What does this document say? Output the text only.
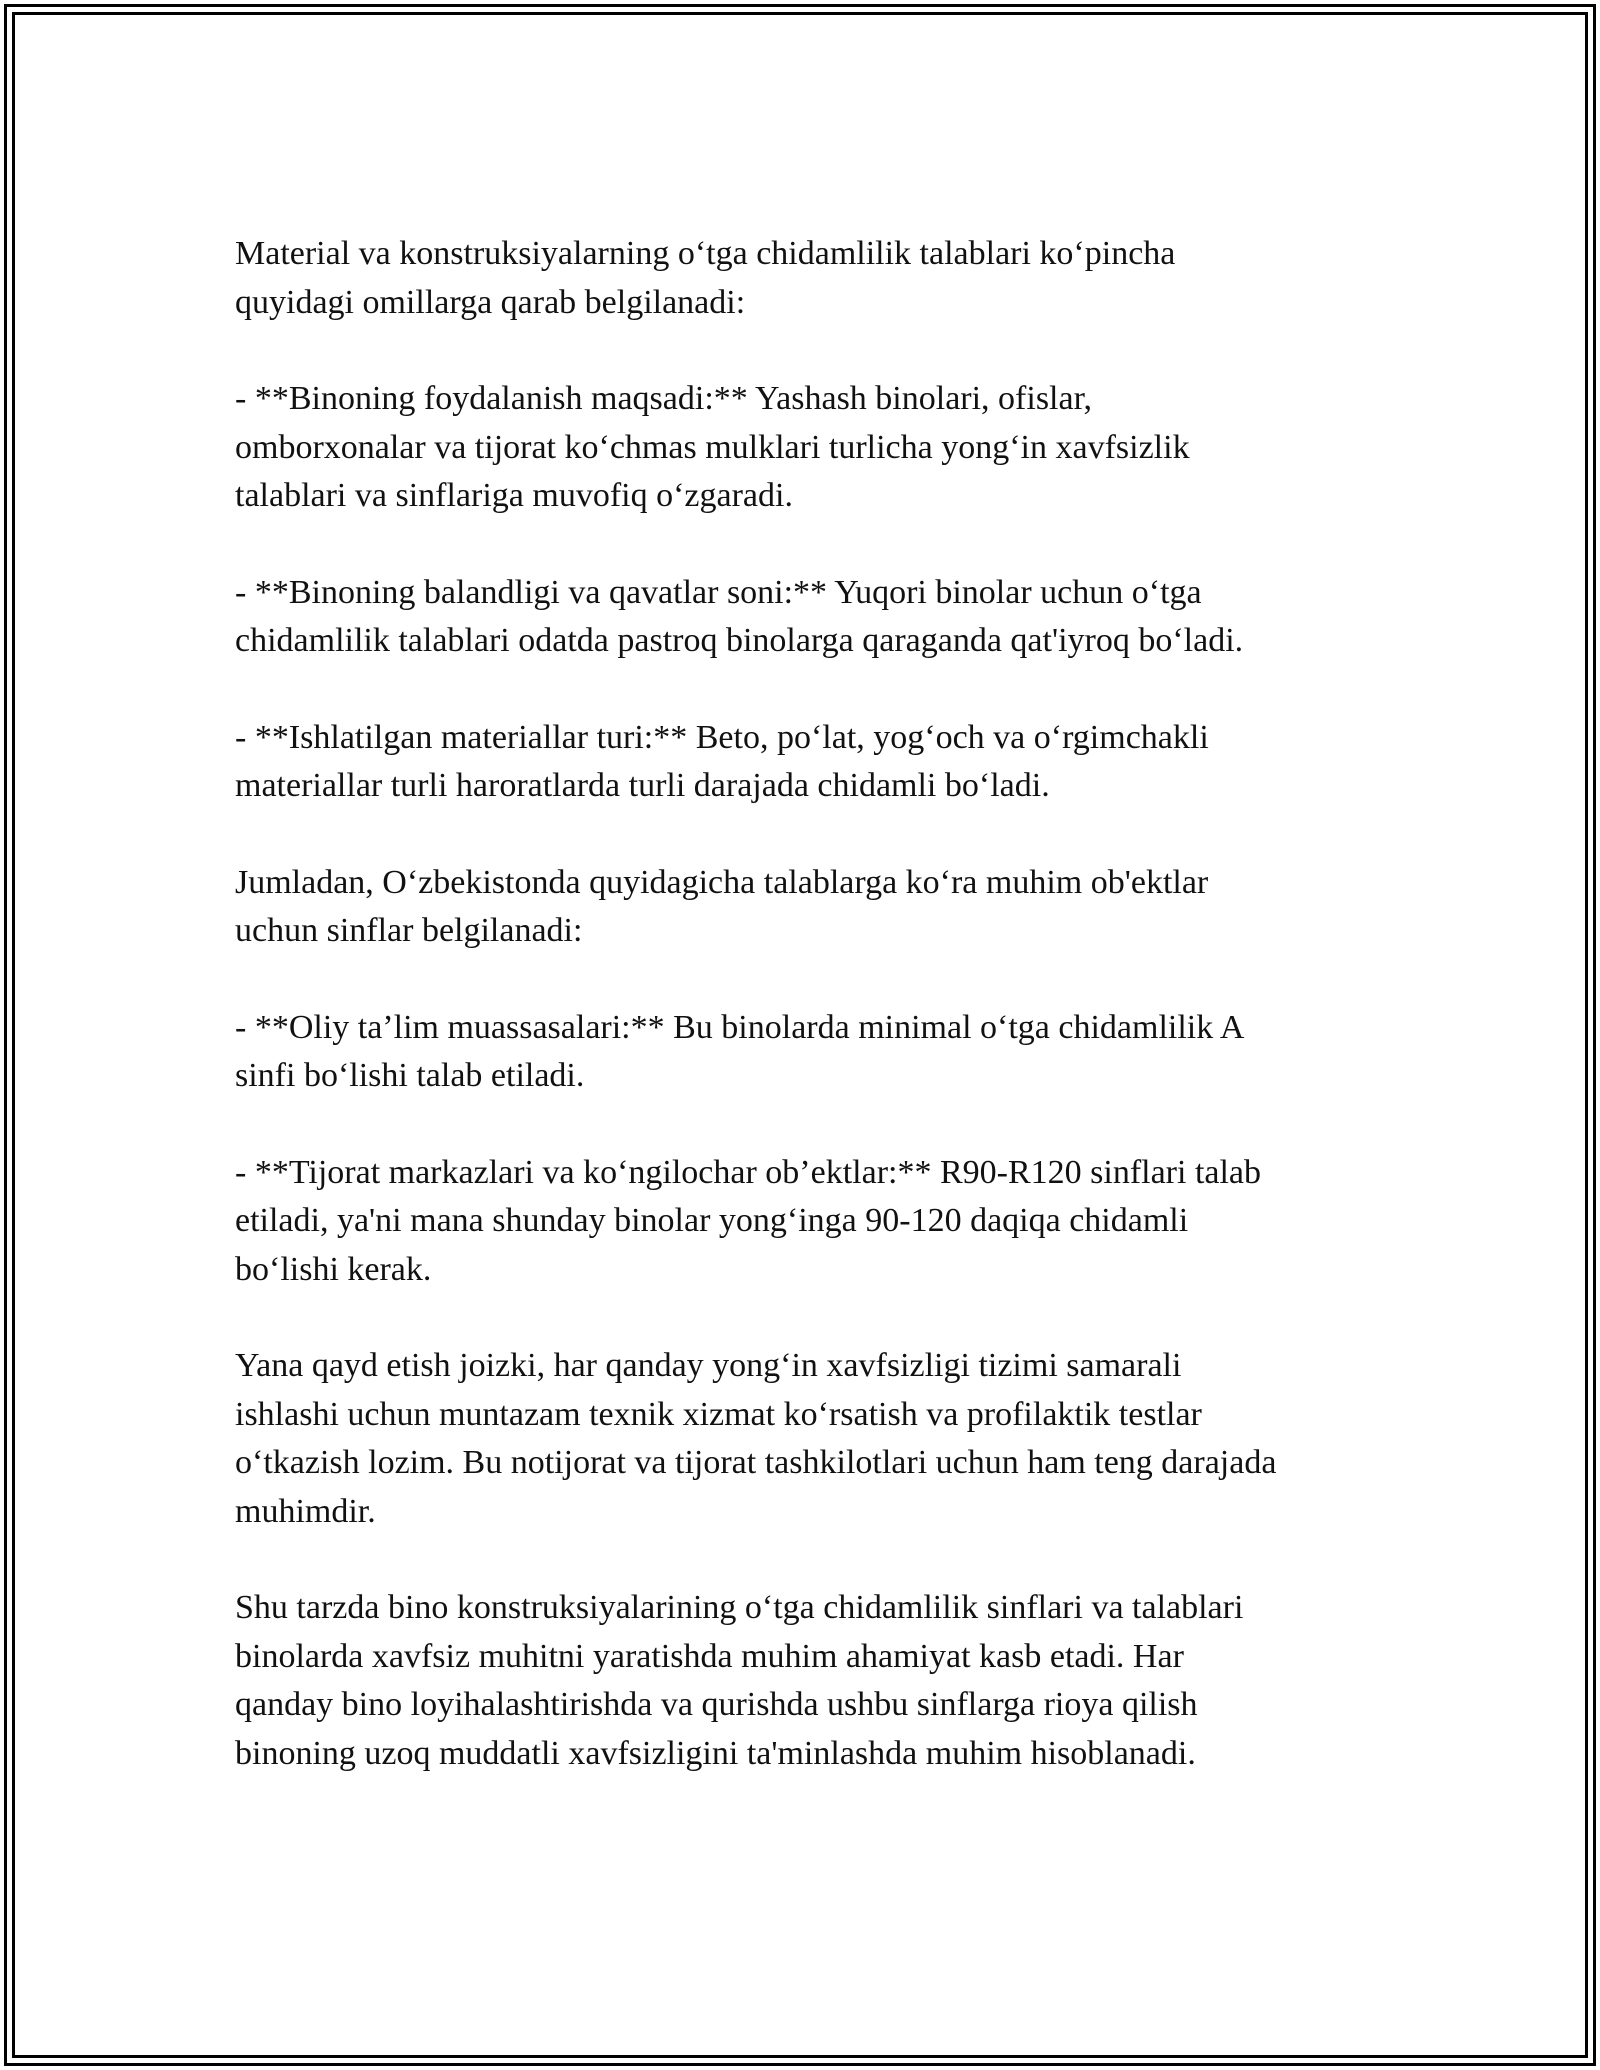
Material va konstruksiyalarning o‘tga chidamlilik talablari ko‘pincha
quyidagi omillarga qarab belgilanadi:

- **Binoning foydalanish maqsadi:** Yashash binolari, ofislar,
omborxonalar va tijorat ko‘chmas mulklari turlicha yong‘in xavfsizlik
talablari va sinflariga muvofiq o‘zgaradi.

- **Binoning balandligi va qavatlar soni:** Yuqori binolar uchun o‘tga
chidamlilik talablari odatda pastroq binolarga qaraganda qat'iyroq bo‘ladi.

- **Ishlatilgan materiallar turi:** Beto, po‘lat, yog‘och va o‘rgimchakli
materiallar turli haroratlarda turli darajada chidamli bo‘ladi.

Jumladan, O‘zbekistonda quyidagicha talablarga ko‘ra muhim ob'ektlar
uchun sinflar belgilanadi:

- **Oliy ta’lim muassasalari:** Bu binolarda minimal o‘tga chidamlilik A
sinfi bo‘lishi talab etiladi.

- **Tijorat markazlari va ko‘ngilochar ob’ektlar:** R90-R120 sinflari talab
etiladi, ya'ni mana shunday binolar yong‘inga 90-120 daqiqa chidamli
bo‘lishi kerak.

Yana qayd etish joizki, har qanday yong‘in xavfsizligi tizimi samarali
ishlashi uchun muntazam texnik xizmat ko‘rsatish va profilaktik testlar
o‘tkazish lozim. Bu notijorat va tijorat tashkilotlari uchun ham teng darajada
muhimdir.

Shu tarzda bino konstruksiyalarining o‘tga chidamlilik sinflari va talablari
binolarda xavfsiz muhitni yaratishda muhim ahamiyat kasb etadi. Har
qanday bino loyihalashtirishda va qurishda ushbu sinflarga rioya qilish
binoning uzoq muddatli xavfsizligini ta'minlashda muhim hisoblanadi.
